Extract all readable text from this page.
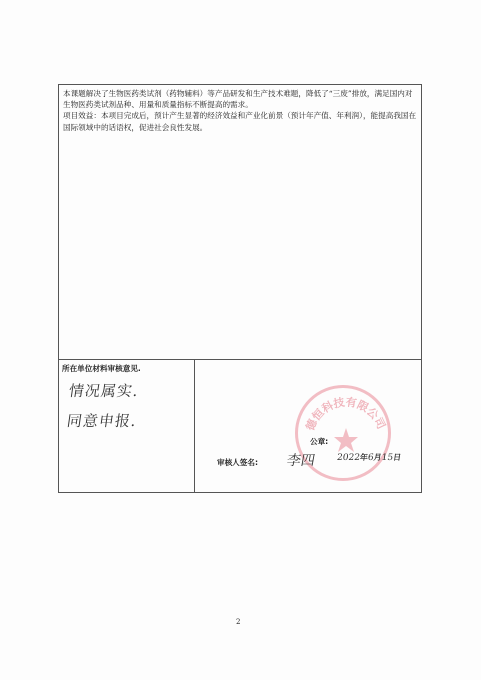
本课题解决了生物医药类试剂（药物辅料）等产品研发和生产技术难题，降低了“三废”排放，满足国内对生物医药类试剂品种、用量和质量指标不断提高的需求。

项目效益：本项目完成后，预计产生显著的经济效益和产业化前景（预计年产值、年利润），能提高我国在国际领域中的话语权，促进社会良性发展。

所在单位材料审核意见.
情况属实.
同意申报.	德恒科技有限公司
公章:
审核人签名: 李四 2022年6月15日
2
